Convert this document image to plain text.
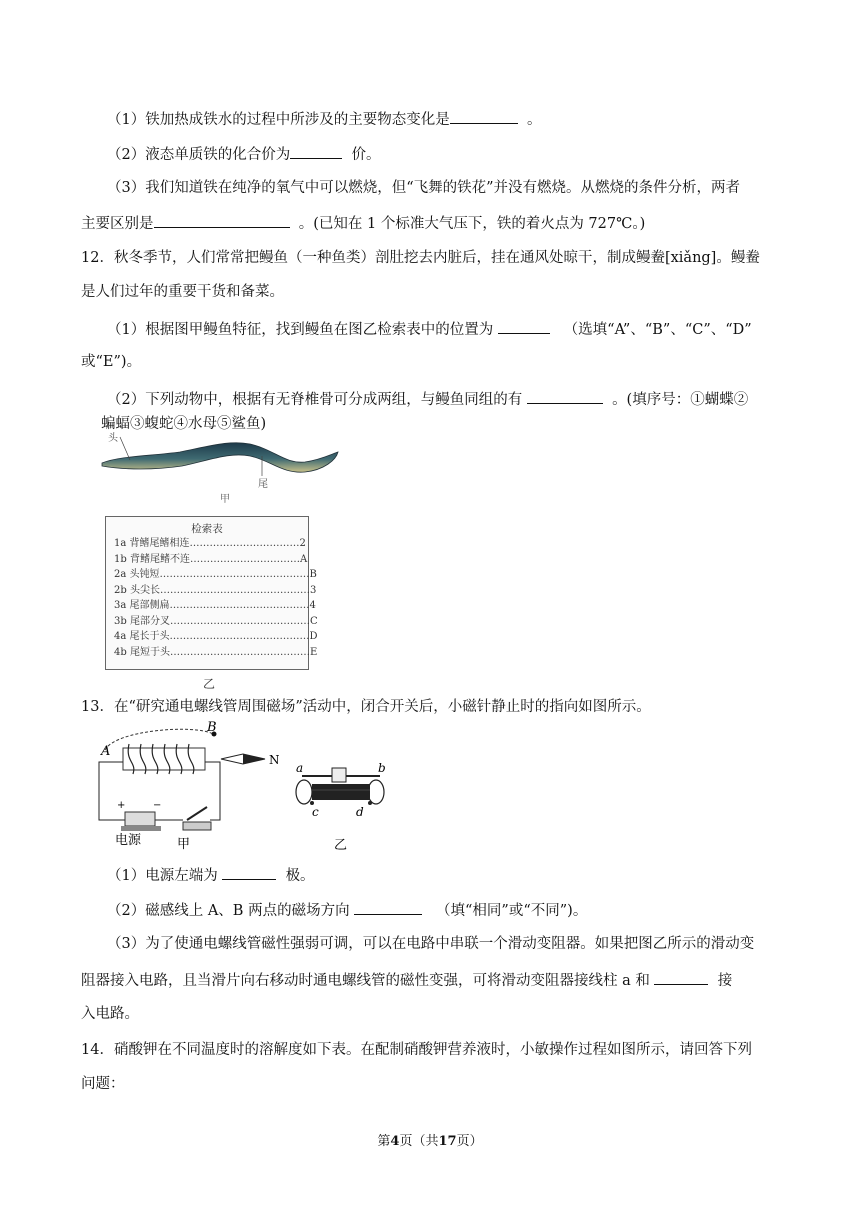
（1）铁加热成铁水的过程中所涉及的主要物态变化是	。
（2）液态单质铁的化合价为	价。
（3）我们知道铁在纯净的氧气中可以燃烧，但“飞舞的铁花”并没有燃烧。从燃烧的条件分析，两者
主要区别是	。(已知在 1 个标准大气压下，铁的着火点为 727℃。)
12．秋冬季节，人们常常把鳗鱼（一种鱼类）剖肚挖去内脏后，挂在通风处晾干，制成鳗鲞[xiǎng]。鳗鲞
是人们过年的重要干货和备菜。
（1）根据图甲鳗鱼特征，找到鳗鱼在图乙检索表中的位置为	（选填“A”、“B”、“C”、“D”
或“E”)。
（2）下列动物中，根据有无脊椎骨可分成两组，与鳗鱼同组的有	。(填序号：①蝴蝶②
蝙蝠③蝮蛇④水母⑤鲨鱼)
头
尾
甲
检索表
1a 背鳍尾鳍相连 …………………………… 2
1b 背鳍尾鳍不连 …………………………… A
2a 头钝短 ……………………………………… B
2b 头尖长 ……………………………………… 3
3a 尾部侧扁 …………………………………… 4
3b 尾部分叉 …………………………………… C
4a 尾长于头 …………………………………… D
4b 尾短于头 …………………………………… E
乙
13．在“研究通电螺线管周围磁场”活动中，闭合开关后，小磁针静止时的指向如图所示。
A
B
N
+	−
电源	甲
a	b
c	d
乙
（1）电源左端为	极。
（2）磁感线上 A、B 两点的磁场方向	（填“相同”或“不同”)。
（3）为了使通电螺线管磁性强弱可调，可以在电路中串联一个滑动变阻器。如果把图乙所示的滑动变
阻器接入电路，且当滑片向右移动时通电螺线管的磁性变强，可将滑动变阻器接线柱 a 和	接
入电路。
14．硝酸钾在不同温度时的溶解度如下表。在配制硝酸钾营养液时，小敏操作过程如图所示，请回答下列
问题：
第4页（共17页）
